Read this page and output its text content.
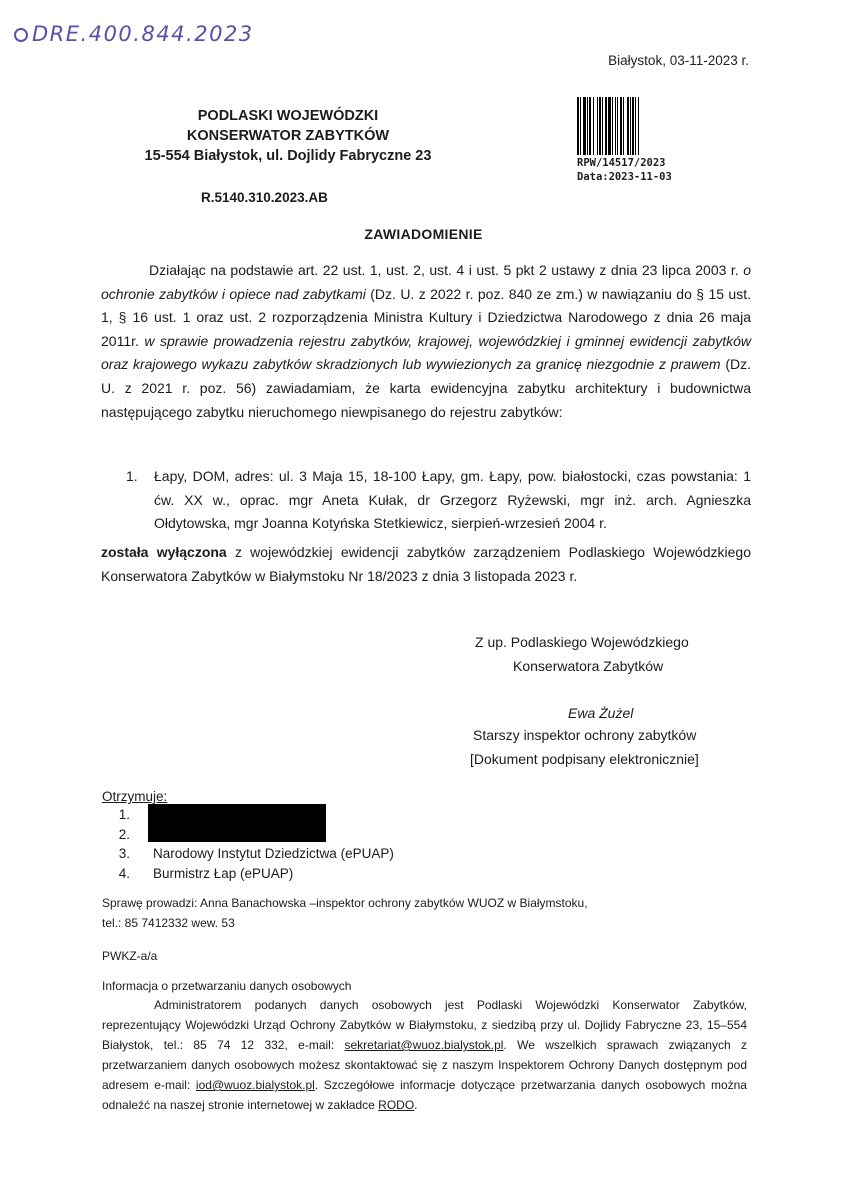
DRE.400.844.2023
Białystok, 03-11-2023 r.
PODLASKI WOJEWÓDZKI
KONSERWATOR ZABYTKÓW
15-554 Białystok, ul. Dojlidy Fabryczne 23	RPW/14517/2023
Data:2023-11-03
R.5140.310.2023.AB
ZAWIADOMIENIE
Działając na podstawie art. 22 ust. 1, ust. 2, ust. 4 i ust. 5 pkt 2 ustawy z dnia 23 lipca 2003 r. o ochronie zabytków i opiece nad zabytkami (Dz. U. z 2022 r. poz. 840 ze zm.) w nawiązaniu do § 15 ust. 1, § 16 ust. 1 oraz ust. 2 rozporządzenia Ministra Kultury i Dziedzictwa Narodowego z dnia 26 maja 2011r. w sprawie prowadzenia rejestru zabytków, krajowej, wojewódzkiej i gminnej ewidencji zabytków oraz krajowego wykazu zabytków skradzionych lub wywiezionych za granicę niezgodnie z prawem (Dz. U. z 2021 r. poz. 56) zawiadamiam, że karta ewidencyjna zabytku architektury i budownictwa następującego zabytku nieruchomego niewpisanego do rejestru zabytków:
1.	Łapy, DOM, adres: ul. 3 Maja 15, 18-100 Łapy, gm. Łapy, pow. białostocki, czas powstania: 1 ćw. XX w., oprac. mgr Aneta Kułak, dr Grzegorz Ryżewski, mgr inż. arch. Agnieszka Ołdytowska, mgr Joanna Kotyńska Stetkiewicz, sierpień-wrzesień 2004 r.
została wyłączona z wojewódzkiej ewidencji zabytków zarządzeniem Podlaskiego Wojewódzkiego Konserwatora Zabytków w Białymstoku Nr 18/2023 z dnia 3 listopada 2023 r.
Z up. Podlaskiego Wojewódzkiego
Konserwatora Zabytków
Ewa Żużel
Starszy inspektor ochrony zabytków
[Dokument podpisany elektronicznie]
Otrzymuje:
1.
2.
3.	Narodowy Instytut Dziedzictwa (ePUAP)
4.	Burmistrz Łap (ePUAP)
Sprawę prowadzi: Anna Banachowska –inspektor ochrony zabytków WUOZ w Białymstoku,
tel.: 85 7412332 wew. 53
PWKZ-a/a
Informacja o przetwarzaniu danych osobowych
Administratorem podanych danych osobowych jest Podlaski Wojewódzki Konserwator Zabytków, reprezentujący Wojewódzki Urząd Ochrony Zabytków w Białymstoku, z siedzibą przy ul. Dojlidy Fabryczne 23, 15–554 Białystok, tel.: 85 74 12 332, e-mail: sekretariat@wuoz.bialystok.pl. We wszelkich sprawach związanych z przetwarzaniem danych osobowych możesz skontaktować się z naszym Inspektorem Ochrony Danych dostępnym pod adresem e-mail: iod@wuoz.bialystok.pl. Szczegółowe informacje dotyczące przetwarzania danych osobowych można odnaleźć na naszej stronie internetowej w zakładce RODO.
